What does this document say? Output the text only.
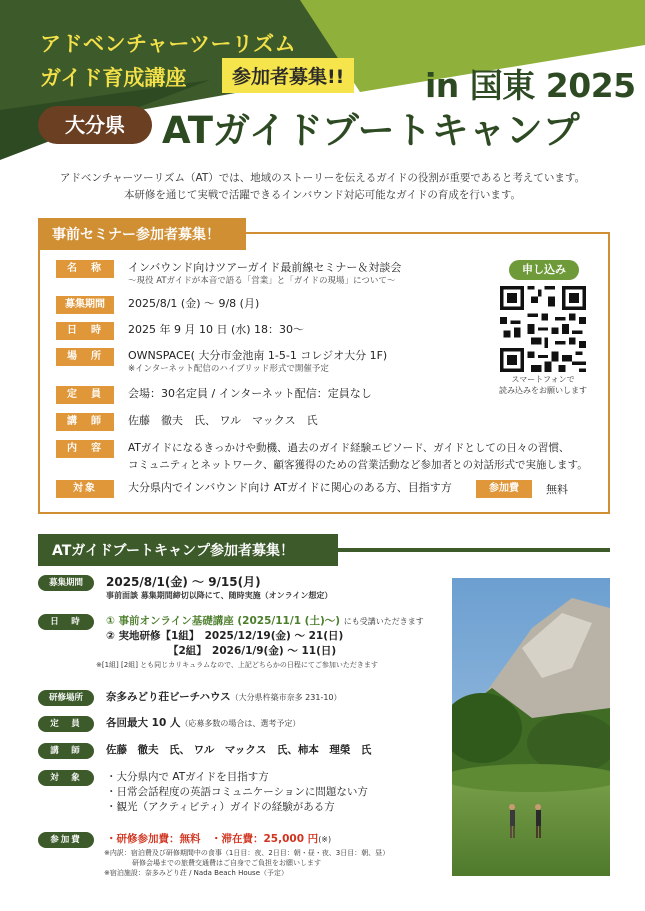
アドベンチャーツーリズム
ガイド育成講座	参加者募集!!	in 国東 2025
大分県	ATガイドブートキャンプ
アドベンチャーツーリズム（AT）では、地域のストーリーを伝えるガイドの役割が重要であると考えています。
本研修を通じて実戦で活躍できるインバウンド対応可能なガイドの育成を行います。
事前セミナー参加者募集！
名　称	インバウンド向けツアーガイド最前線セミナー＆対談会
～現役 ATガイドが本音で語る「営業」と「ガイドの現場」について～
募集期間	2025/8/1 (金) ～ 9/8 (月)
日　時	2025 年 9 月 10 日 (水) 18：30～
場　所	OWNSPACE( 大分市金池南 1-5-1 コレジオ大分 1F)
※インターネット配信のハイブリッド形式で開催予定
定　員	会場：30名定員 / インターネット配信：定員なし
講　師	佐藤　徹夫　氏、 ワル　マックス　氏
内　容	ATガイドになるきっかけや動機、過去のガイド経験エピソード、ガイドとしての日々の習慣、
コミュニティとネットワーク、顧客獲得のための営業活動など参加者との対話形式で実施します。
対象	大分県内でインバウンド向け ATガイドに関心のある方、目指す方
申し込み
スマートフォンで
読み込みをお願いします
参加費	無料
ATガイドブートキャンプ参加者募集！
募集期間	2025/8/1(金) ～ 9/15(月)
事前面談 募集期間締切以降にて、随時実施（オンライン想定）
日　時	① 事前オンライン基礎講座 (2025/11/1 (土)～) にも受講いただきます
② 実地研修【1組】　2025/12/19(金) ～ 21(日)
【2組】　2026/1/9(金) ～ 11(日)
※[1組] [2組] とも同じカリキュラムなので、上記どちらかの日程にてご参加いただきます
研修場所	奈多みどり荘ビーチハウス（大分県杵築市奈多 231-10）
定　員	各回最大 10 人（応募多数の場合は、選考予定）
講　師	佐藤　徹夫　氏、 ワル　マックス　氏、柿本　理榮　氏
対　象	・大分県内で ATガイドを目指す方
・日常会話程度の英語コミュニケーションに問題ない方
・観光（アクティビティ）ガイドの経験がある方
参加費	・研修参加費：無料　・滞在費：25,000 円(※)
※内訳：宿泊費及び研修期間中の食事（1日目：夜、2日目：朝・昼・夜、3日目：朝、昼）
研修会場までの旅費交通費はご自身でご負担をお願いします
※宿泊施設：奈多みどり荘 / Nada Beach House（予定）
